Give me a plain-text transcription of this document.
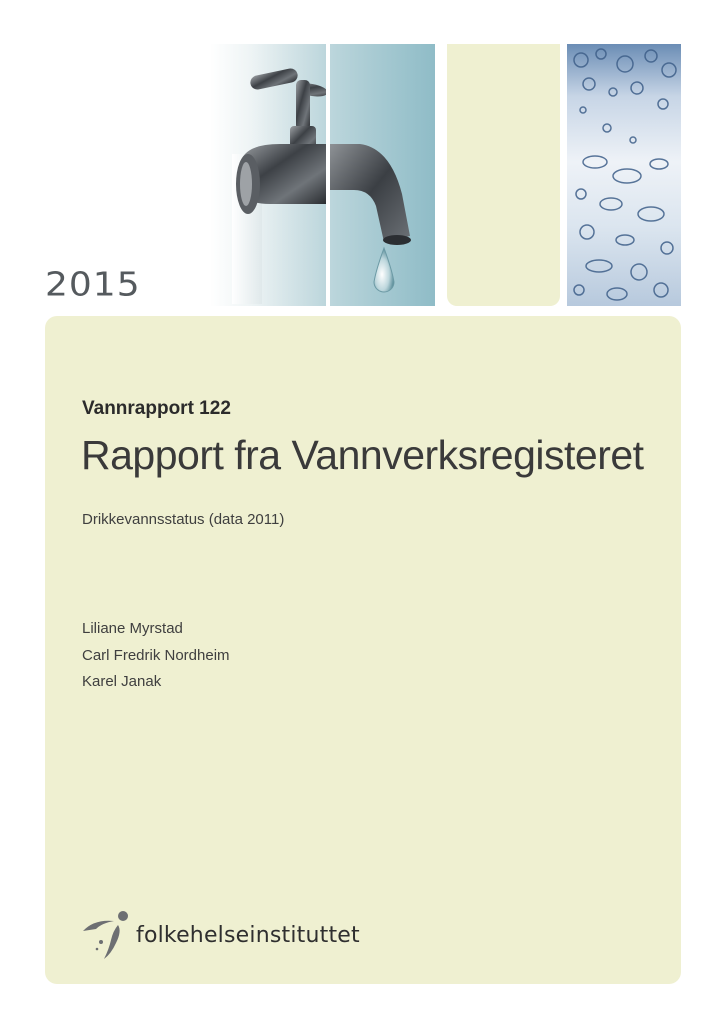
2015
Vannrapport 122
Rapport fra Vannverksregisteret
Drikkevannsstatus (data 2011)
Liliane Myrstad
Carl Fredrik Nordheim
Karel Janak
folkehelseinstituttet
